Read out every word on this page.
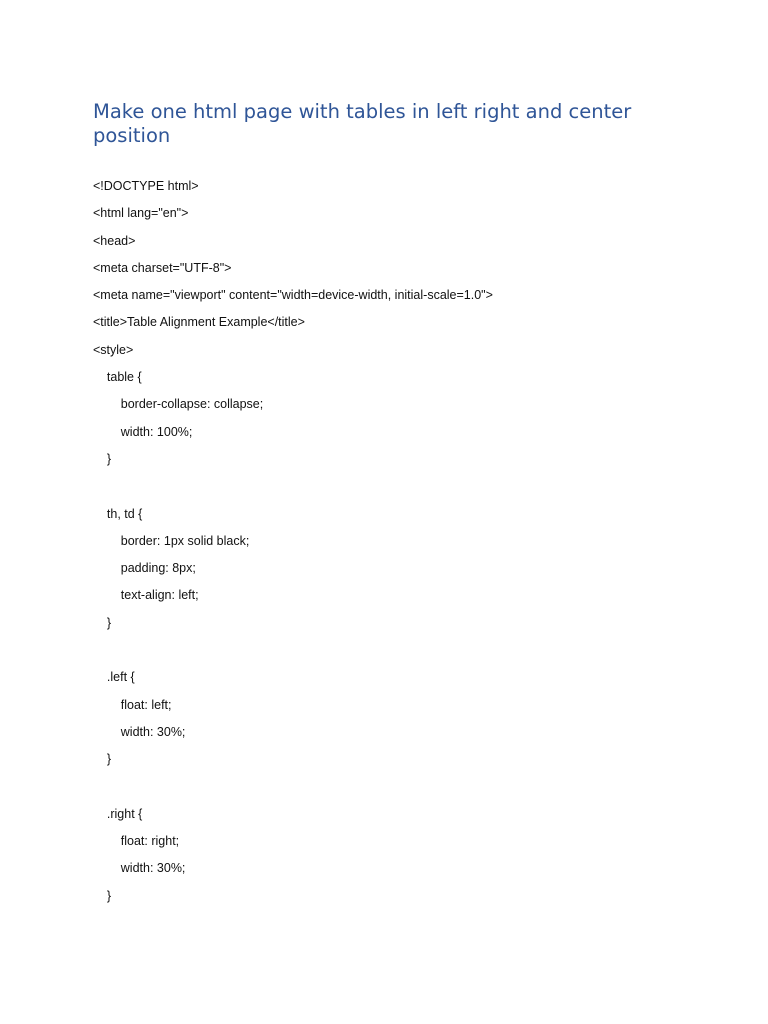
Make one html page with tables in left right and center position
<!DOCTYPE html>
<html lang="en">
<head>
<meta charset="UTF-8">
<meta name="viewport" content="width=device-width, initial-scale=1.0">
<title>Table Alignment Example</title>
<style>
table {
border-collapse: collapse;
width: 100%;
}
th, td {
border: 1px solid black;
padding: 8px;
text-align: left;
}
.left {
float: left;
width: 30%;
}
.right {
float: right;
width: 30%;
}
